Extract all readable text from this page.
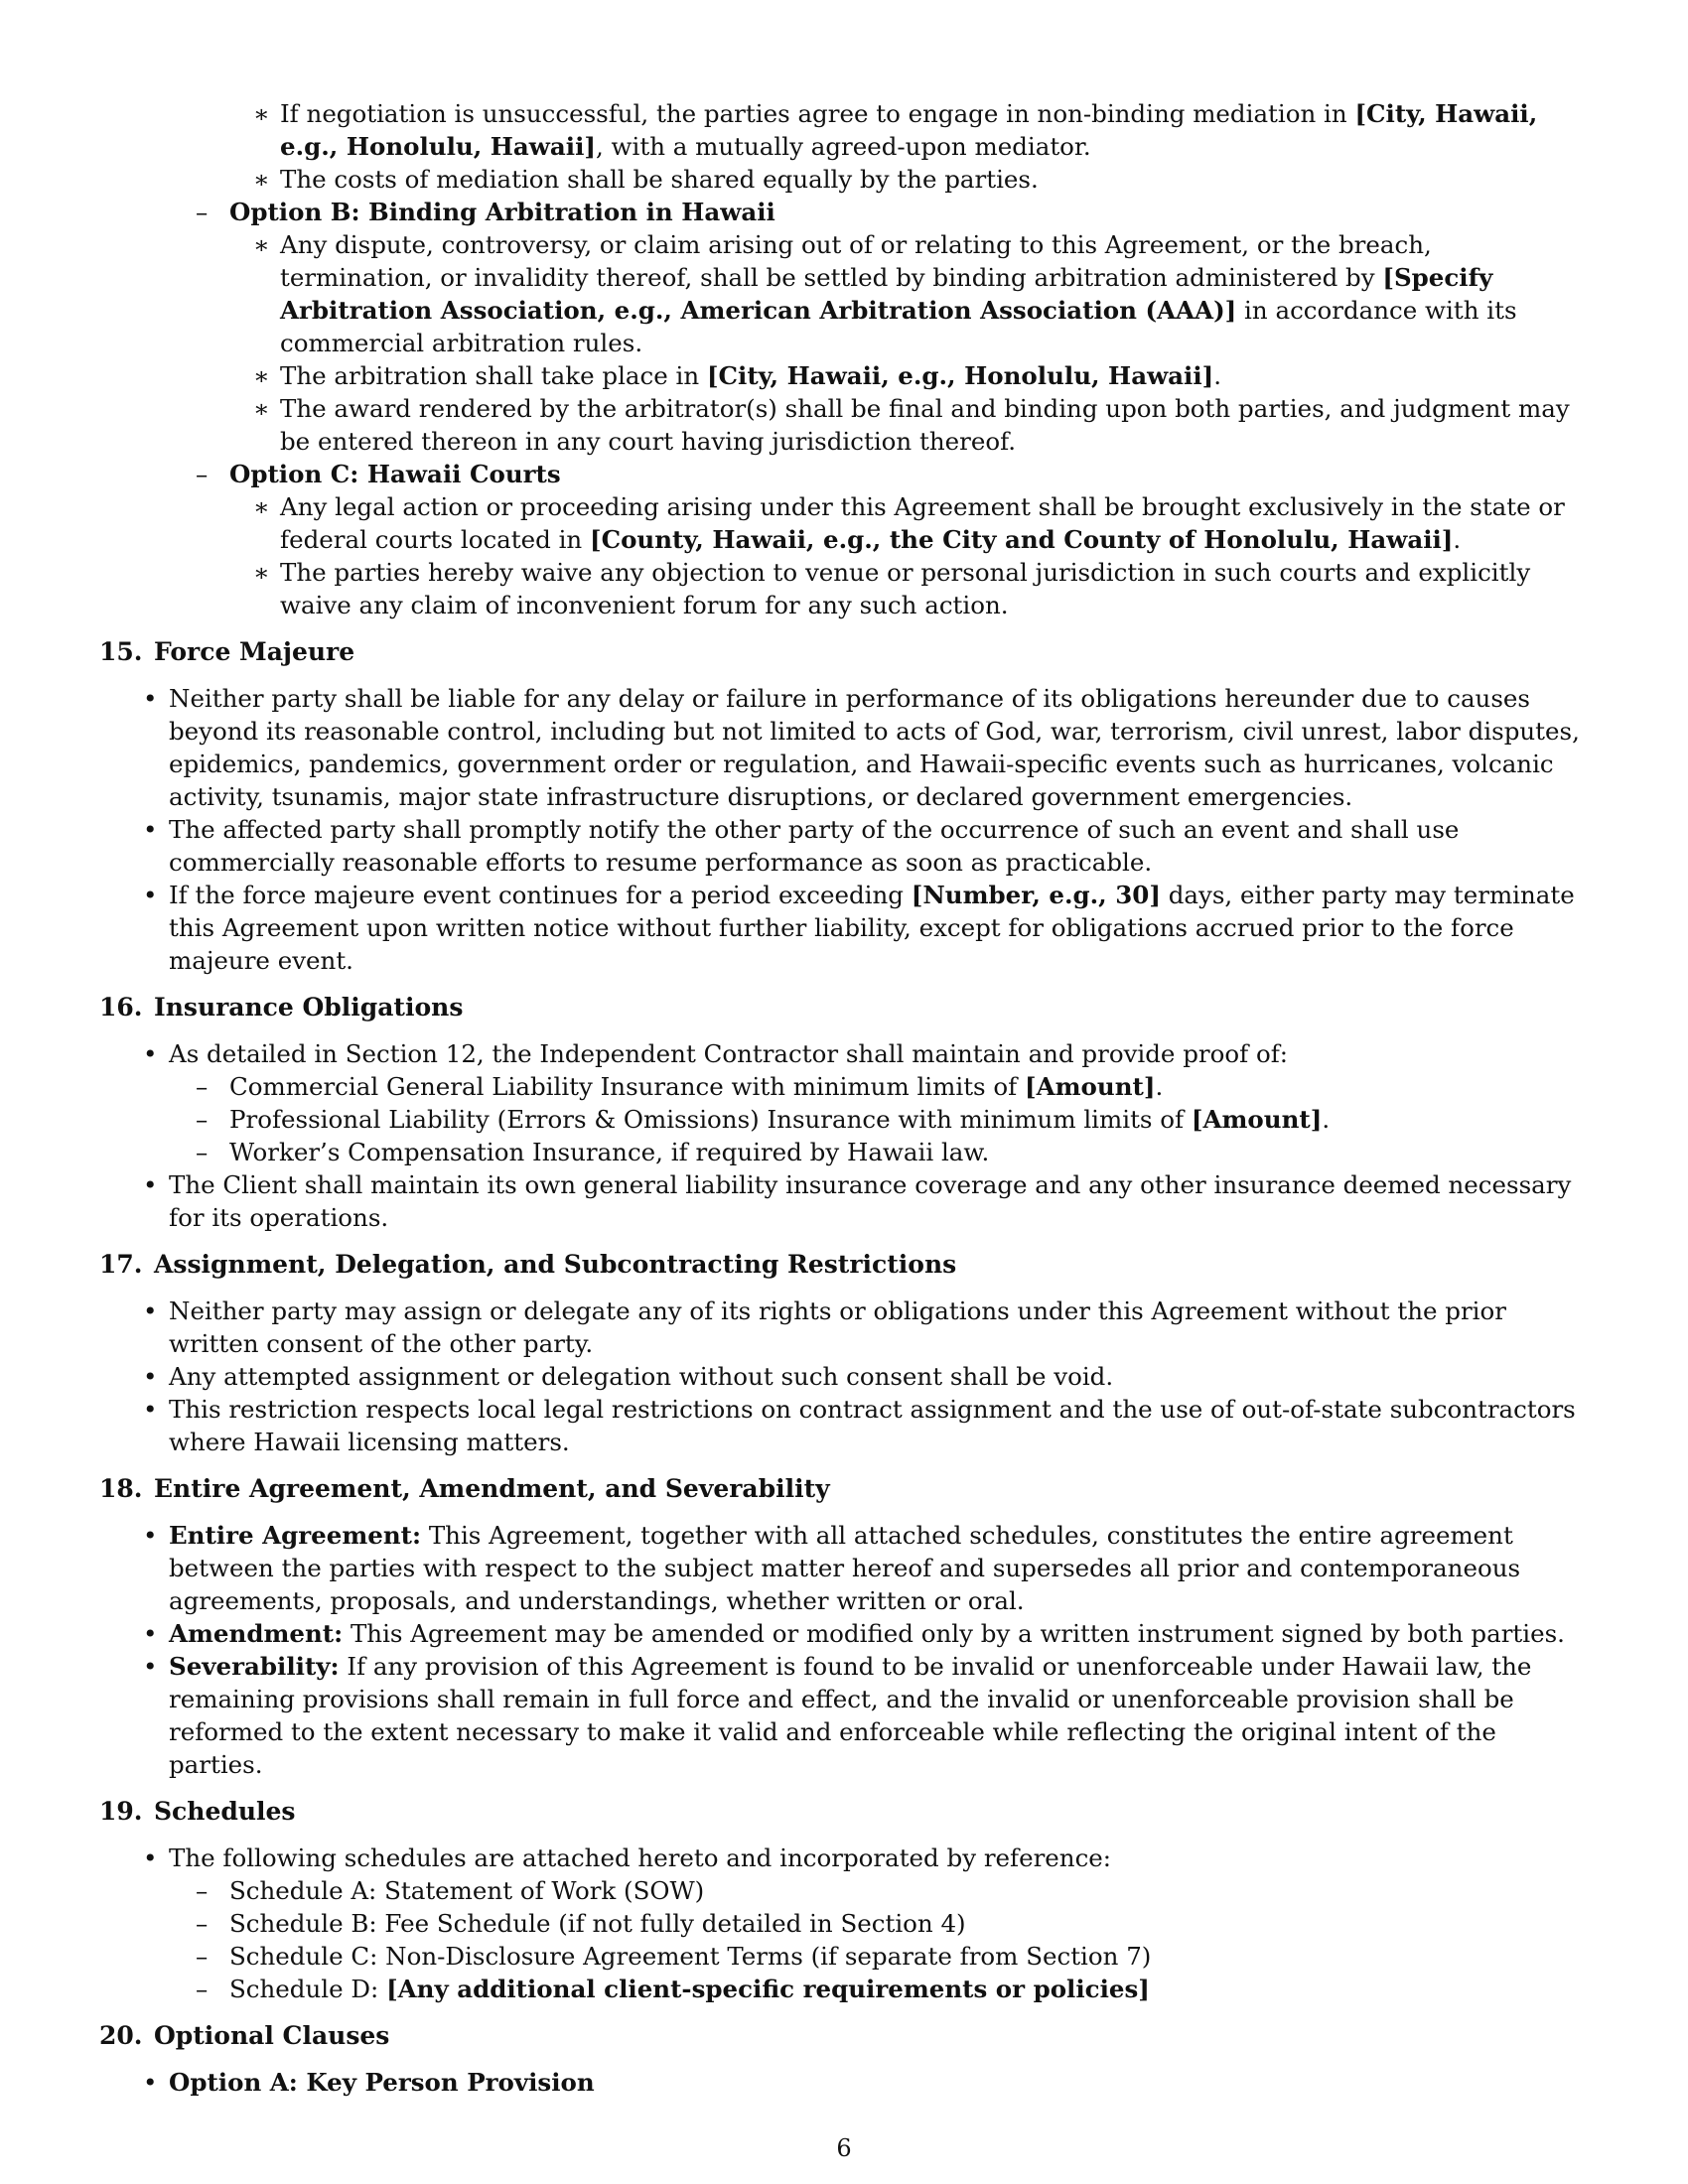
∗ If negotiation is unsuccessful, the parties agree to engage in non-binding mediation in [City, Hawaii, e.g., Honolulu, Hawaii], with a mutually agreed-upon mediator.
∗ The costs of mediation shall be shared equally by the parties.
– Option B: Binding Arbitration in Hawaii
∗ Any dispute, controversy, or claim arising out of or relating to this Agreement, or the breach, termination, or invalidity thereof, shall be settled by binding arbitration administered by [Specify Arbitration Association, e.g., American Arbitration Association (AAA)] in accordance with its commercial arbitration rules.
∗ The arbitration shall take place in [City, Hawaii, e.g., Honolulu, Hawaii].
∗ The award rendered by the arbitrator(s) shall be final and binding upon both parties, and judgment may be entered thereon in any court having jurisdiction thereof.
– Option C: Hawaii Courts
∗ Any legal action or proceeding arising under this Agreement shall be brought exclusively in the state or federal courts located in [County, Hawaii, e.g., the City and County of Honolulu, Hawaii].
∗ The parties hereby waive any objection to venue or personal jurisdiction in such courts and explicitly waive any claim of inconvenient forum for any such action.
15. Force Majeure
• Neither party shall be liable for any delay or failure in performance of its obligations hereunder due to causes beyond its reasonable control, including but not limited to acts of God, war, terrorism, civil unrest, labor disputes, epidemics, pandemics, government order or regulation, and Hawaii-specific events such as hurricanes, volcanic activity, tsunamis, major state infrastructure disruptions, or declared government emergencies.
• The affected party shall promptly notify the other party of the occurrence of such an event and shall use commercially reasonable efforts to resume performance as soon as practicable.
• If the force majeure event continues for a period exceeding [Number, e.g., 30] days, either party may terminate this Agreement upon written notice without further liability, except for obligations accrued prior to the force majeure event.
16. Insurance Obligations
• As detailed in Section 12, the Independent Contractor shall maintain and provide proof of:
– Commercial General Liability Insurance with minimum limits of [Amount].
– Professional Liability (Errors & Omissions) Insurance with minimum limits of [Amount].
– Worker’s Compensation Insurance, if required by Hawaii law.
• The Client shall maintain its own general liability insurance coverage and any other insurance deemed necessary for its operations.
17. Assignment, Delegation, and Subcontracting Restrictions
• Neither party may assign or delegate any of its rights or obligations under this Agreement without the prior written consent of the other party.
• Any attempted assignment or delegation without such consent shall be void.
• This restriction respects local legal restrictions on contract assignment and the use of out-of-state subcontractors where Hawaii licensing matters.
18. Entire Agreement, Amendment, and Severability
• Entire Agreement: This Agreement, together with all attached schedules, constitutes the entire agreement between the parties with respect to the subject matter hereof and supersedes all prior and contemporaneous agreements, proposals, and understandings, whether written or oral.
• Amendment: This Agreement may be amended or modified only by a written instrument signed by both parties.
• Severability: If any provision of this Agreement is found to be invalid or unenforceable under Hawaii law, the remaining provisions shall remain in full force and effect, and the invalid or unenforceable provision shall be reformed to the extent necessary to make it valid and enforceable while reflecting the original intent of the parties.
19. Schedules
• The following schedules are attached hereto and incorporated by reference:
– Schedule A: Statement of Work (SOW)
– Schedule B: Fee Schedule (if not fully detailed in Section 4)
– Schedule C: Non-Disclosure Agreement Terms (if separate from Section 7)
– Schedule D: [Any additional client-specific requirements or policies]
20. Optional Clauses
• Option A: Key Person Provision
6
